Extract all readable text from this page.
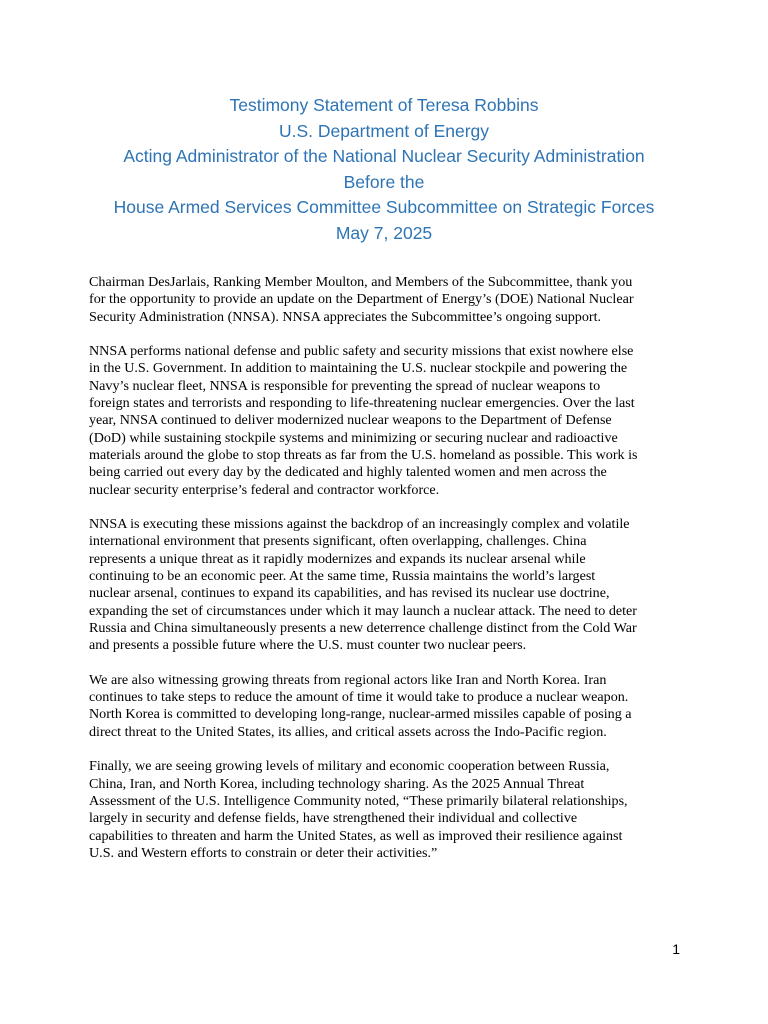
Testimony Statement of Teresa Robbins
U.S. Department of Energy
Acting Administrator of the National Nuclear Security Administration
Before the
House Armed Services Committee Subcommittee on Strategic Forces
May 7, 2025

Chairman DesJarlais, Ranking Member Moulton, and Members of the Subcommittee, thank you
for the opportunity to provide an update on the Department of Energy’s (DOE) National Nuclear
Security Administration (NNSA). NNSA appreciates the Subcommittee’s ongoing support.

NNSA performs national defense and public safety and security missions that exist nowhere else
in the U.S. Government. In addition to maintaining the U.S. nuclear stockpile and powering the
Navy’s nuclear fleet, NNSA is responsible for preventing the spread of nuclear weapons to
foreign states and terrorists and responding to life-threatening nuclear emergencies. Over the last
year, NNSA continued to deliver modernized nuclear weapons to the Department of Defense
(DoD) while sustaining stockpile systems and minimizing or securing nuclear and radioactive
materials around the globe to stop threats as far from the U.S. homeland as possible. This work is
being carried out every day by the dedicated and highly talented women and men across the
nuclear security enterprise’s federal and contractor workforce.

NNSA is executing these missions against the backdrop of an increasingly complex and volatile
international environment that presents significant, often overlapping, challenges. China
represents a unique threat as it rapidly modernizes and expands its nuclear arsenal while
continuing to be an economic peer. At the same time, Russia maintains the world’s largest
nuclear arsenal, continues to expand its capabilities, and has revised its nuclear use doctrine,
expanding the set of circumstances under which it may launch a nuclear attack. The need to deter
Russia and China simultaneously presents a new deterrence challenge distinct from the Cold War
and presents a possible future where the U.S. must counter two nuclear peers.

We are also witnessing growing threats from regional actors like Iran and North Korea. Iran
continues to take steps to reduce the amount of time it would take to produce a nuclear weapon.
North Korea is committed to developing long-range, nuclear-armed missiles capable of posing a
direct threat to the United States, its allies, and critical assets across the Indo-Pacific region.

Finally, we are seeing growing levels of military and economic cooperation between Russia,
China, Iran, and North Korea, including technology sharing. As the 2025 Annual Threat
Assessment of the U.S. Intelligence Community noted, “These primarily bilateral relationships,
largely in security and defense fields, have strengthened their individual and collective
capabilities to threaten and harm the United States, as well as improved their resilience against
U.S. and Western efforts to constrain or deter their activities.”

1
